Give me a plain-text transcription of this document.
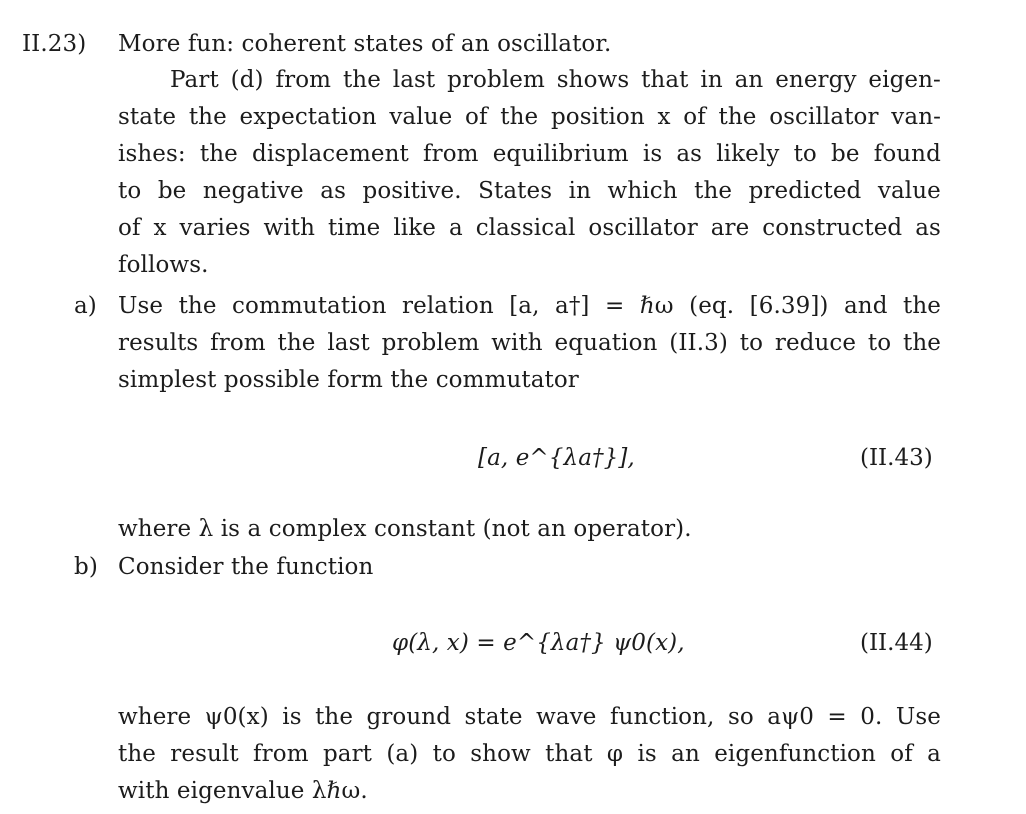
II.23) More fun: coherent states of an oscillator.
Part (d) from the last problem shows that in an energy eigen-
state the expectation value of the position x of the oscillator van-
ishes: the displacement from equilibrium is as likely to be found
to be negative as positive. States in which the predicted value
of x varies with time like a classical oscillator are constructed as
follows.
a) Use the commutation relation [a, a†] = ℏω (eq. [6.39]) and the
results from the last problem with equation (II.3) to reduce to the
simplest possible form the commutator
[a, e^{λa†}],	(II.43)
where λ is a complex constant (not an operator).
b) Consider the function
φ(λ, x) = e^{λa†} ψ0(x),	(II.44)
where ψ0(x) is the ground state wave function, so aψ0 = 0. Use
the result from part (a) to show that φ is an eigenfunction of a
with eigenvalue λℏω.
